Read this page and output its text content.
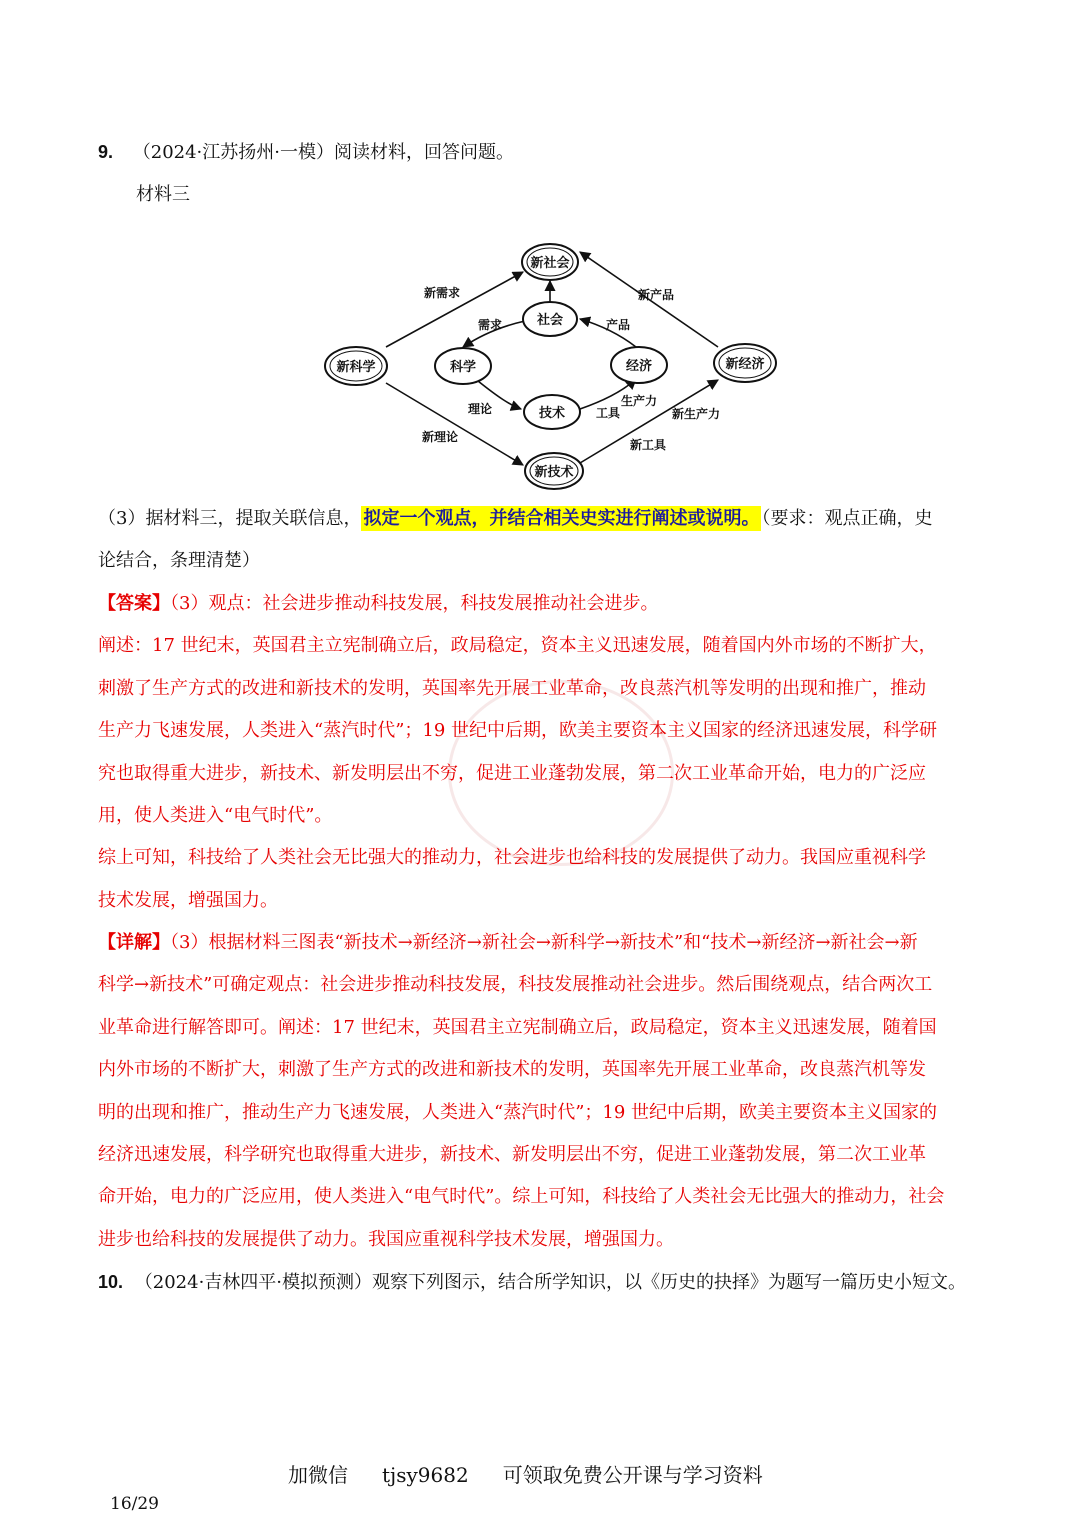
9. （2024·江苏扬州·一模）阅读材料，回答问题。
材料三
新社会
社会
科学	经济
技术
新科学	新经济
新技术
新需求	新产品
需求	产品
理论
生产力
工具	新生产力
新理论
新工具
（3）据材料三，提取关联信息， 拟定一个观点，并结合相关史实进行阐述或说明。 （要求：观点正确，史
论结合，条理清楚）
【答案】（3）观点：社会进步推动科技发展，科技发展推动社会进步。
阐述：17 世纪末，英国君主立宪制确立后，政局稳定，资本主义迅速发展，随着国内外市场的不断扩大，
刺激了生产方式的改进和新技术的发明，英国率先开展工业革命，改良蒸汽机等发明的出现和推广，推动
生产力飞速发展，人类进入“蒸汽时代”；19 世纪中后期，欧美主要资本主义国家的经济迅速发展，科学研
究也取得重大进步，新技术、新发明层出不穷，促进工业蓬勃发展，第二次工业革命开始，电力的广泛应
用，使人类进入“电气时代”。
综上可知，科技给了人类社会无比强大的推动力，社会进步也给科技的发展提供了动力。我国应重视科学
技术发展，增强国力。
【详解】（3）根据材料三图表“新技术→新经济→新社会→新科学→新技术”和“技术→新经济→新社会→新
科学→新技术”可确定观点：社会进步推动科技发展，科技发展推动社会进步。然后围绕观点，结合两次工
业革命进行解答即可。阐述：17 世纪末，英国君主立宪制确立后，政局稳定，资本主义迅速发展，随着国
内外市场的不断扩大，刺激了生产方式的改进和新技术的发明，英国率先开展工业革命，改良蒸汽机等发
明的出现和推广，推动生产力飞速发展，人类进入“蒸汽时代”；19 世纪中后期，欧美主要资本主义国家的
经济迅速发展，科学研究也取得重大进步，新技术、新发明层出不穷，促进工业蓬勃发展，第二次工业革
命开始，电力的广泛应用，使人类进入“电气时代”。综上可知，科技给了人类社会无比强大的推动力，社会
进步也给科技的发展提供了动力。我国应重视科学技术发展，增强国力。
10. （2024·吉林四平·模拟预测）观察下列图示，结合所学知识，以《历史的抉择》为题写一篇历史小短文。
加微信 tjsy9682 可领取免费公开课与学习资料
16/29
